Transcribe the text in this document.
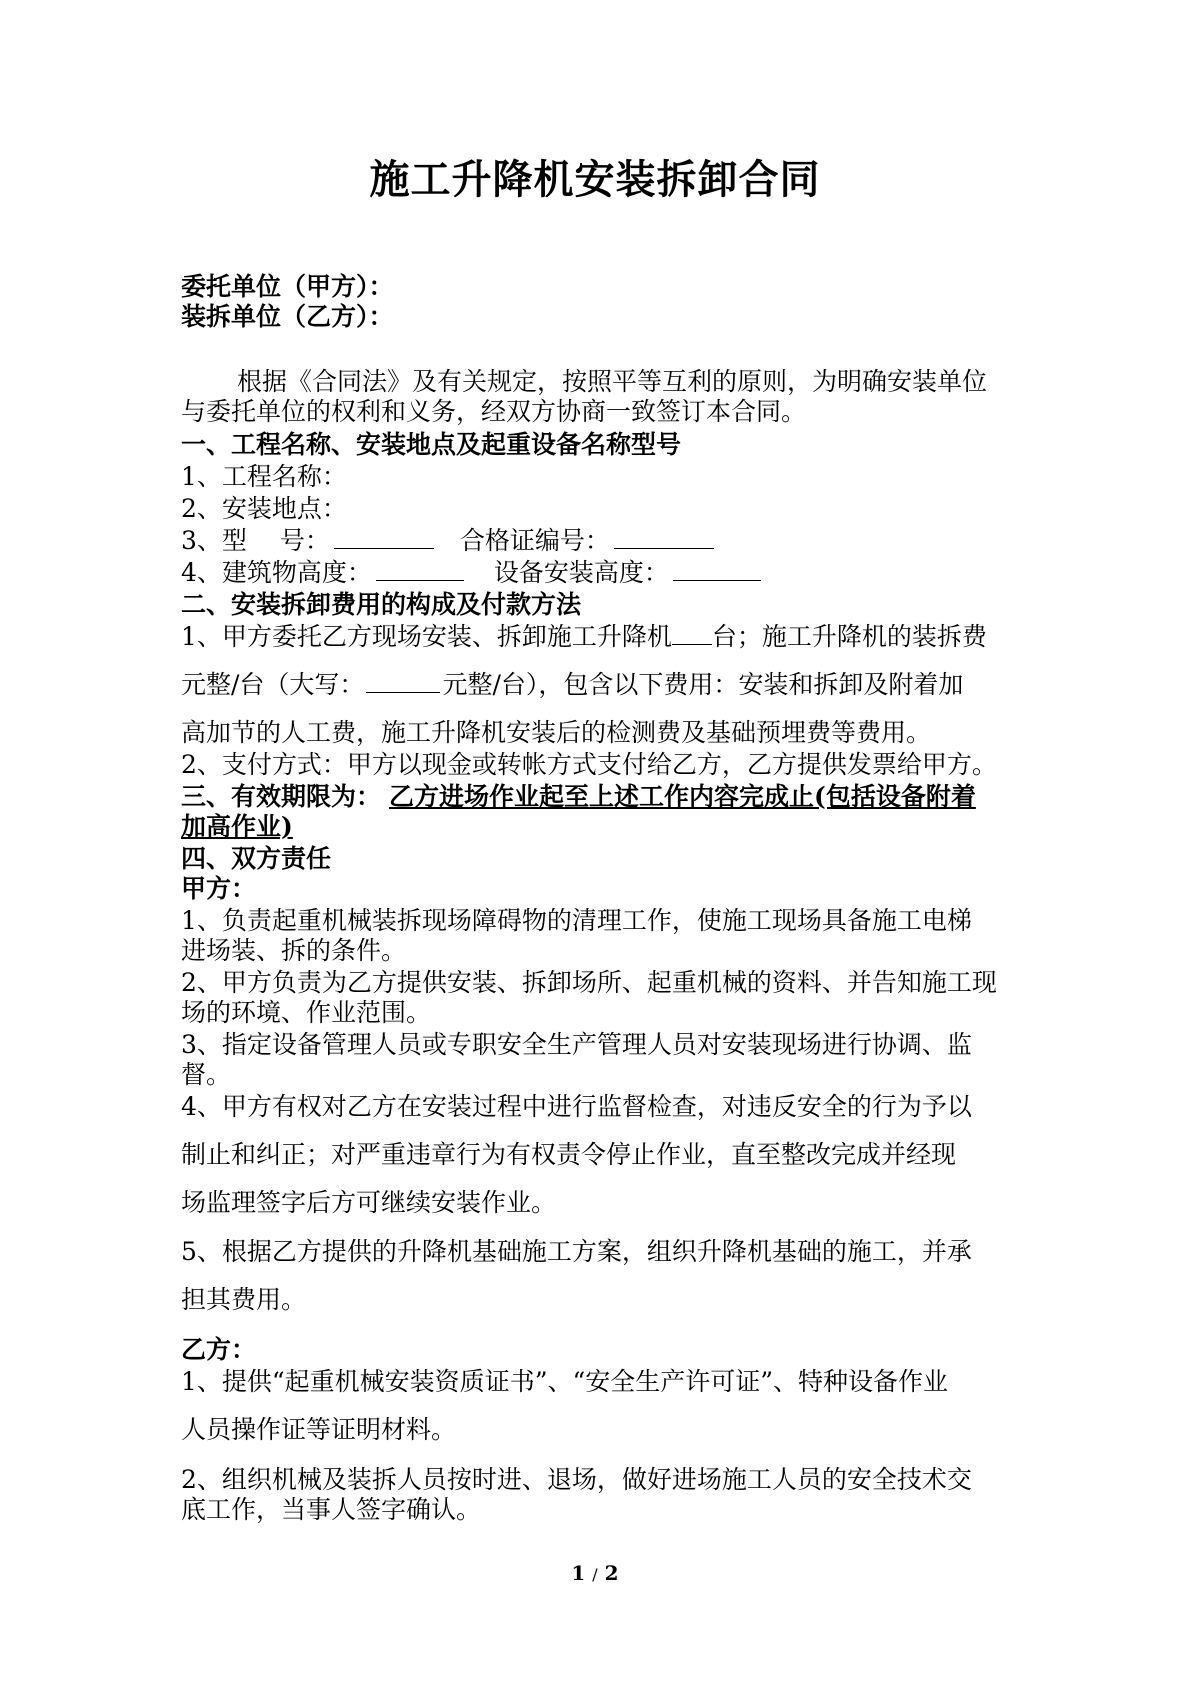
施工升降机安装拆卸合同
委托单位（甲方）：
装拆单位（乙方）：
根据《合同法》及有关规定，按照平等互利的原则，为明确安装单位
与委托单位的权利和义务，经双方协商一致签订本合同。
一、工程名称、安装地点及起重设备名称型号
1、工程名称：
2、安装地点：
3、型　 号：	合格证编号：
4、建筑物高度：	设备安装高度：
二、安装拆卸费用的构成及付款方法
1、甲方委托乙方现场安装、拆卸施工升降机 台；施工升降机的装拆费
元整/台（大写：	元整/台），包含以下费用：安装和拆卸及附着加
高加节的人工费，施工升降机安装后的检测费及基础预埋费等费用。
2、支付方式：甲方以现金或转帐方式支付给乙方，乙方提供发票给甲方。
三、有效期限为： 乙方进场作业起至上述工作内容完成止(包括设备附着
加高作业)
四、双方责任
甲方：
1、负责起重机械装拆现场障碍物的清理工作，使施工现场具备施工电梯
进场装、拆的条件。
2、甲方负责为乙方提供安装、拆卸场所、起重机械的资料、并告知施工现
场的环境、作业范围。
3、指定设备管理人员或专职安全生产管理人员对安装现场进行协调、监
督。
4、甲方有权对乙方在安装过程中进行监督检查，对违反安全的行为予以
制止和纠正；对严重违章行为有权责令停止作业，直至整改完成并经现
场监理签字后方可继续安装作业。
5、根据乙方提供的升降机基础施工方案，组织升降机基础的施工，并承
担其费用。
乙方：
1、提供“起重机械安装资质证书”、“安全生产许可证”、特种设备作业
人员操作证等证明材料。
2、组织机械及装拆人员按时进、退场，做好进场施工人员的安全技术交
底工作，当事人签字确认。
1 / 2
